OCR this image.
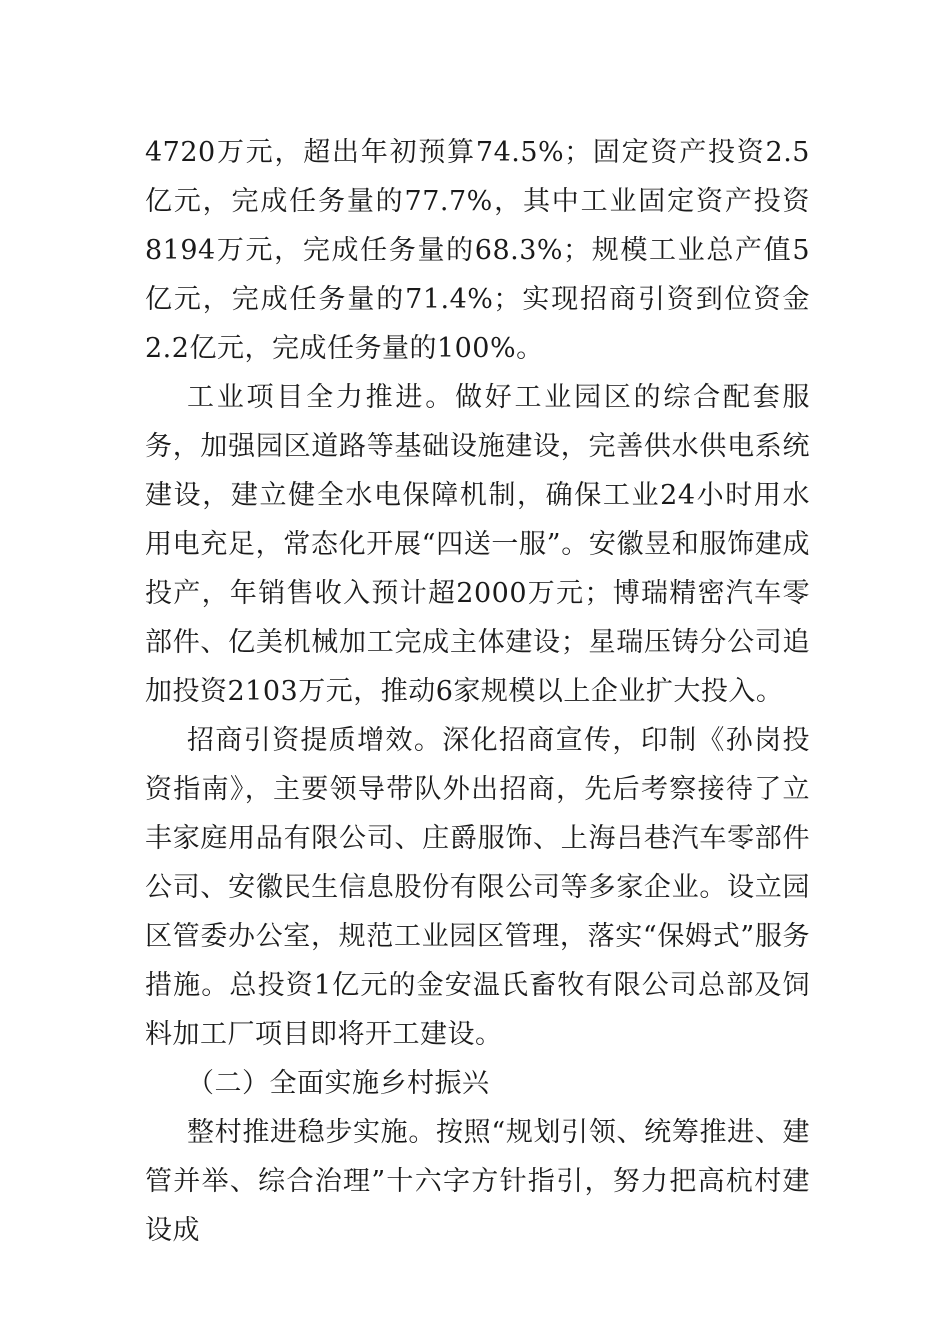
4720万元，超出年初预算74.5%；固定资产投资2.5亿元，完成任务量的77.7%，其中工业固定资产投资8194万元，完成任务量的68.3%；规模工业总产值5亿元，完成任务量的71.4%；实现招商引资到位资金2.2亿元，完成任务量的100%。

工业项目全力推进。做好工业园区的综合配套服务，加强园区道路等基础设施建设，完善供水供电系统建设，建立健全水电保障机制，确保工业24小时用水用电充足，常态化开展“四送一服”。安徽昱和服饰建成投产，年销售收入预计超2000万元；博瑞精密汽车零部件、亿美机械加工完成主体建设；星瑞压铸分公司追加投资2103万元，推动6家规模以上企业扩大投入。

招商引资提质增效。深化招商宣传，印制《孙岗投资指南》，主要领导带队外出招商，先后考察接待了立丰家庭用品有限公司、庄爵服饰、上海吕巷汽车零部件公司、安徽民生信息股份有限公司等多家企业。设立园区管委办公室，规范工业园区管理，落实“保姆式”服务措施。总投资1亿元的金安温氏畜牧有限公司总部及饲料加工厂项目即将开工建设。

（二）全面实施乡村振兴

整村推进稳步实施。按照“规划引领、统筹推进、建管并举、综合治理”十六字方针指引，努力把高杭村建设成
